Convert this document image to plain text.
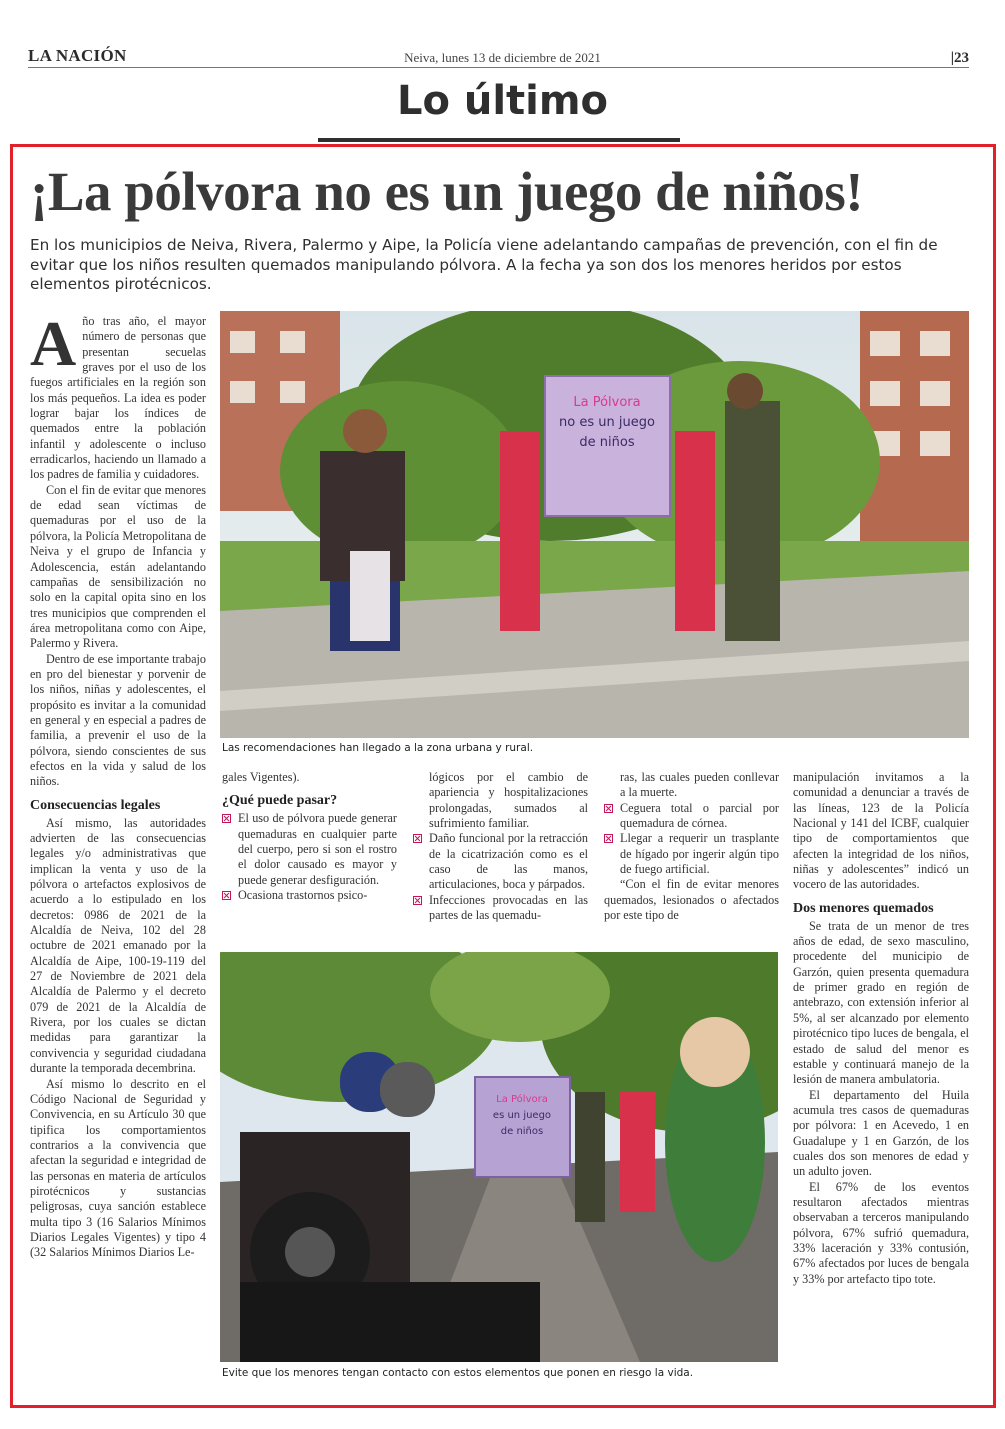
LA NACIÓN	Neiva, lunes 13 de diciembre de 2021	|23
Lo último
¡La pólvora no es un juego de niños!
En los municipios de Neiva, Rivera, Palermo y Aipe, la Policía viene adelantando campañas de prevención, con el fin de evitar que los niños resulten quemados manipulando pólvora. A la fecha ya son dos los menores heridos por estos elementos pirotécnicos.

Año tras año, el mayor número de personas que presentan secuelas graves por el uso de los fuegos artificiales en la región son los más pequeños. La idea es poder lograr bajar los índices de quemados entre la población infantil y adolescente o incluso erradicarlos, haciendo un llamado a los padres de familia y cuidadores.

Con el fin de evitar que menores de edad sean víctimas de quemaduras por el uso de la pólvora, la Policía Metropolitana de Neiva y el grupo de Infancia y Adolescencia, están adelantando campañas de sensibilización no solo en la capital opita sino en los tres municipios que comprenden el área metropolitana como con Aipe, Palermo y Rivera.

Dentro de ese importante trabajo en pro del bienestar y porvenir de los niños, niñas y adolescentes, el propósito es invitar a la comunidad en general y en especial a padres de familia, a prevenir el uso de la pólvora, siendo conscientes de sus efectos en la vida y salud de los niños.

Consecuencias legales

Así mismo, las autoridades advierten de las consecuencias legales y/o administrativas que implican la venta y uso de la pólvora o artefactos explosivos de acuerdo a lo estipulado en los decretos: 0986 de 2021 de la Alcaldía de Neiva, 102 del 28 octubre de 2021 emanado por la Alcaldía de Aipe, 100-19-119 del 27 de Noviembre de 2021 dela Alcaldía de Palermo y el decreto 079 de 2021 de la Alcaldía de Rivera, por los cuales se dictan medidas para garantizar la convivencia y seguridad ciudadana durante la temporada decembrina.

Así mismo lo descrito en el Código Nacional de Seguridad y Convivencia, en su Artículo 30 que tipifica los comportamientos contrarios a la convivencia que afectan la seguridad e integridad de las personas en materia de artículos pirotécnicos y sustancias peligrosas, cuya sanción establece multa tipo 3 (16 Salarios Mínimos Diarios Legales Vigentes) y tipo 4 (32 Salarios Mínimos Diarios Le-

La Pólvora
no es un juego
de niños
Las recomendaciones han llegado a la zona urbana y rural.

gales Vigentes).

¿Qué puede pasar?
El uso de pólvora puede generar quemaduras en cualquier parte del cuerpo, pero si son el rostro el dolor causado es mayor y puede generar desfiguración.
Ocasiona trastornos psico-

lógicos por el cambio de apariencia y hospitalizaciones prolongadas, sumados al sufrimiento familiar.

Daño funcional por la retracción de la cicatrización como es el caso de las manos, articulaciones, boca y párpados.
Infecciones provocadas en las partes de las quemadu-

ras, las cuales pueden conllevar a la muerte.

Ceguera total o parcial por quemadura de córnea.
Llegar a requerir un trasplante de hígado por ingerir algún tipo de fuego artificial.

“Con el fin de evitar menores quemados, lesionados o afectados por este tipo de

La Pólvora
es un juego
de niños
Evite que los menores tengan contacto con estos elementos que ponen en riesgo la vida.

manipulación invitamos a la comunidad a denunciar a través de las líneas, 123 de la Policía Nacional y 141 del ICBF, cualquier tipo de comportamientos que afecten la integridad de los niños, niñas y adolescentes” indicó un vocero de las autoridades.

Dos menores quemados

Se trata de un menor de tres años de edad, de sexo masculino, procedente del municipio de Garzón, quien presenta quemadura de primer grado en región de antebrazo, con extensión inferior al 5%, al ser alcanzado por elemento pirotécnico tipo luces de bengala, el estado de salud del menor es estable y continuará manejo de la lesión de manera ambulatoria.

El departamento del Huila acumula tres casos de quemaduras por pólvora: 1 en Acevedo, 1 en Guadalupe y 1 en Garzón, de los cuales dos son menores de edad y un adulto joven.

El 67% de los eventos resultaron afectados mientras observaban a terceros manipulando pólvora, 67% sufrió quemadura, 33% laceración y 33% contusión, 67% afectados por luces de bengala y 33% por artefacto tipo tote.
